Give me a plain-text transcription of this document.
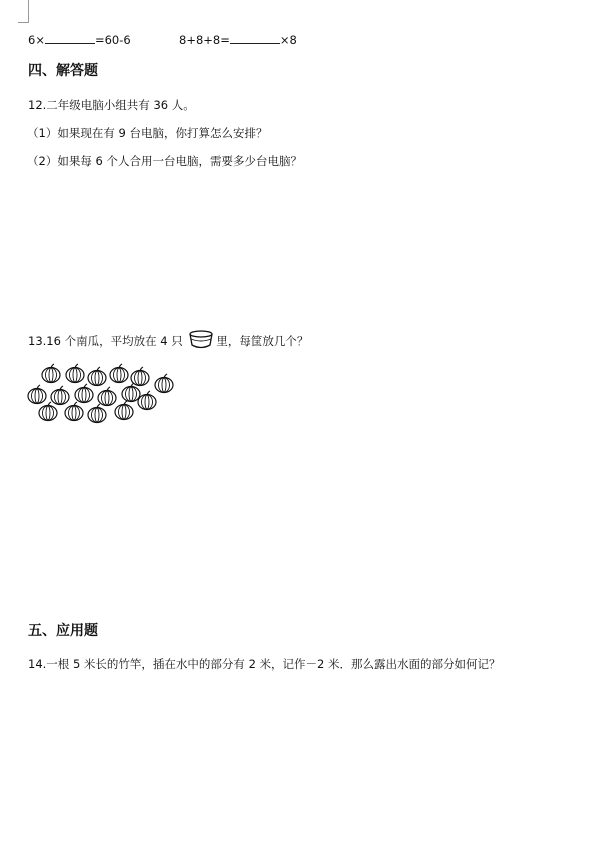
6×	=60-6	8+8+8=	×8
四、解答题
12.二年级电脑小组共有 36 人。
（1）如果现在有 9 台电脑，你打算怎么安排？
（2）如果每 6 个人合用一台电脑，需要多少台电脑？
13.16 个南瓜，平均放在 4 只	里，每筐放几个？
五、应用题
14.一根 5 米长的竹竿，插在水中的部分有 2 米，记作－2 米．那么露出水面的部分如何记？
